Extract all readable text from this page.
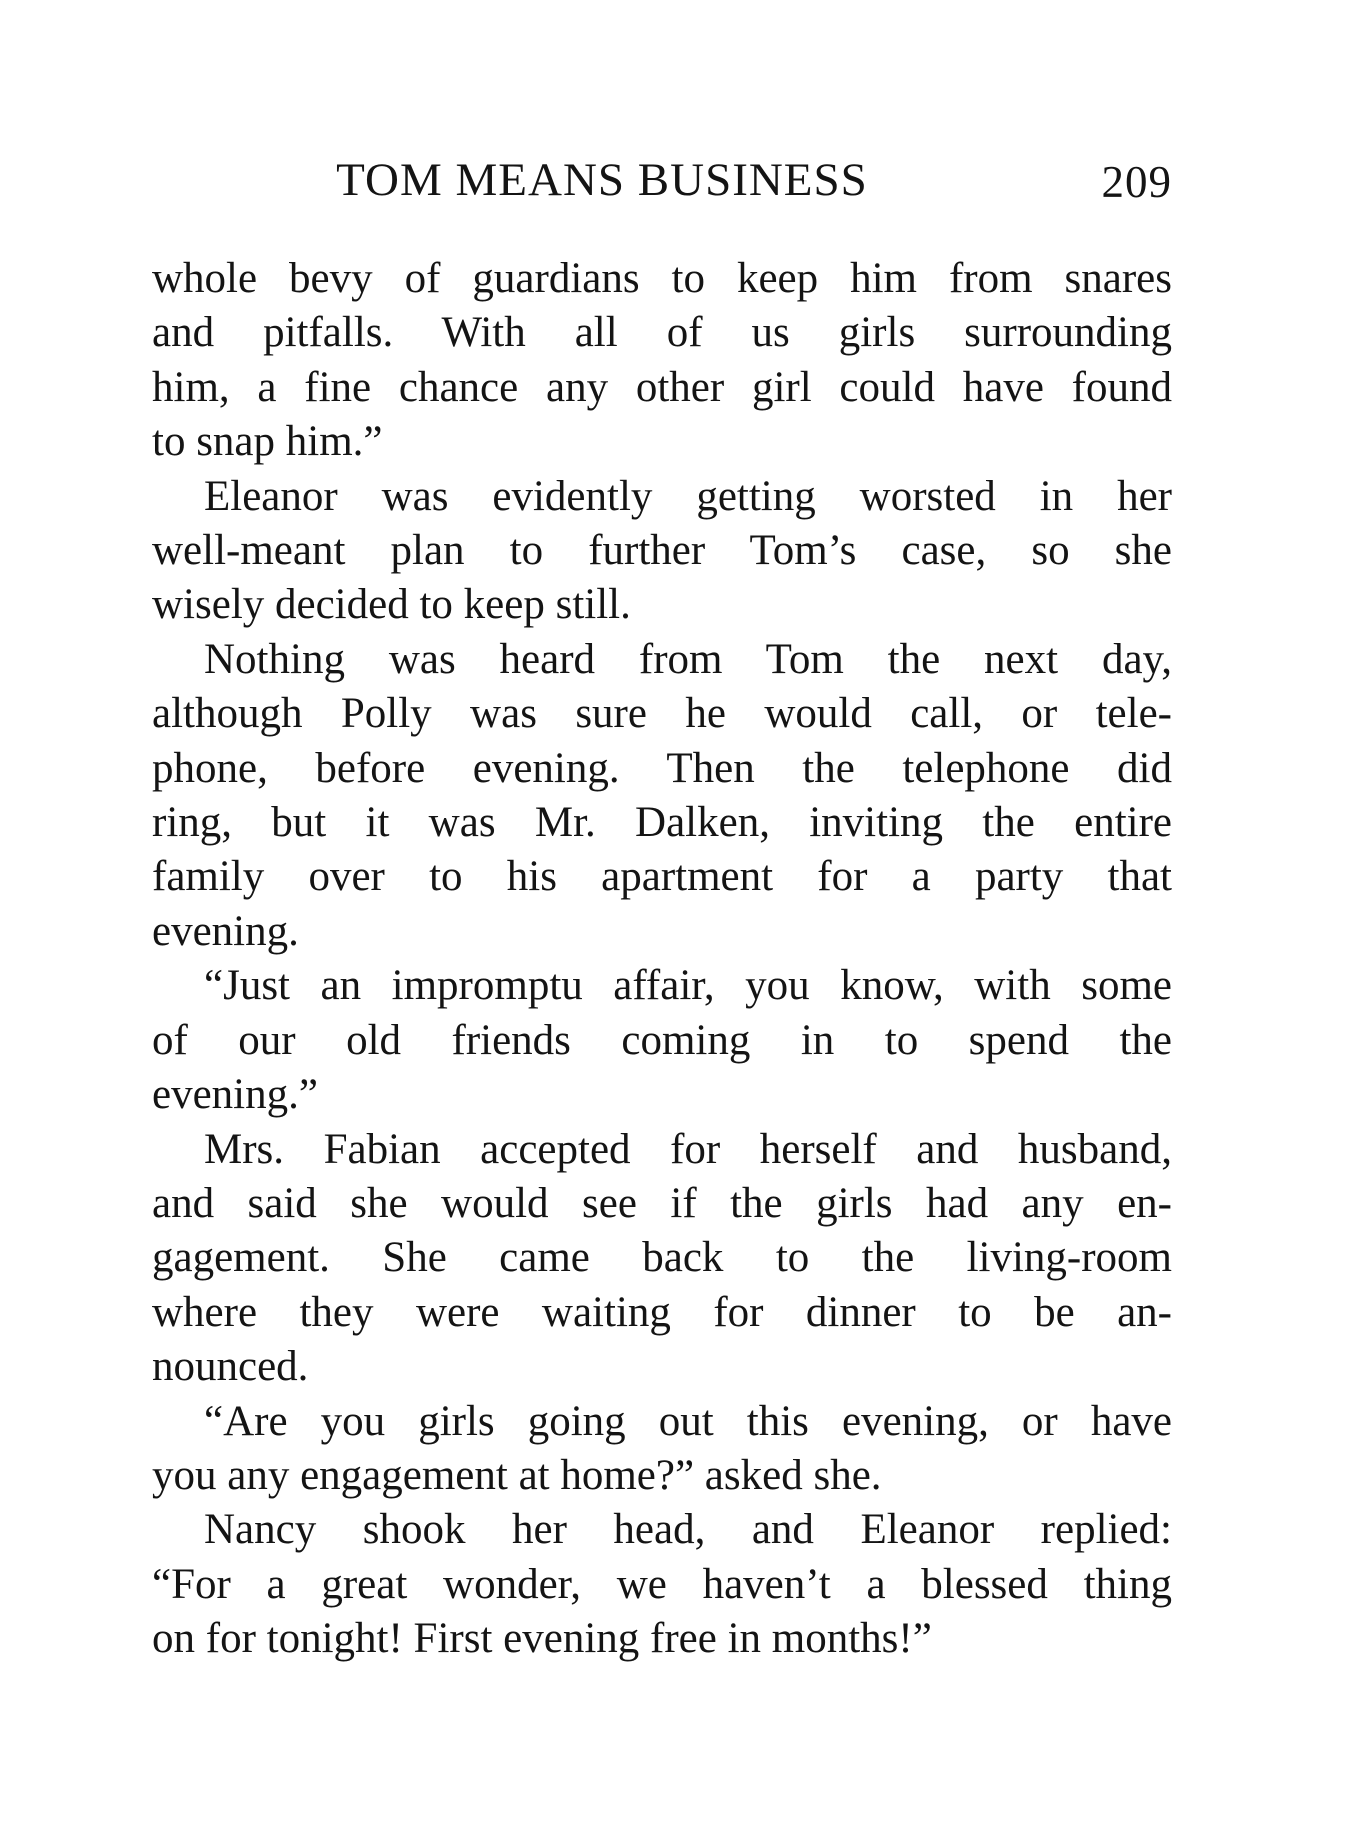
TOM MEANS BUSINESS	209

whole bevy of guardians to keep him from snares
and pitfalls. With all of us girls surrounding
him, a fine chance any other girl could have found
to snap him.”

Eleanor was evidently getting worsted in her
well-meant plan to further Tom’s case, so she
wisely decided to keep still.

Nothing was heard from Tom the next day,
although Polly was sure he would call, or tele-
phone, before evening. Then the telephone did
ring, but it was Mr. Dalken, inviting the entire
family over to his apartment for a party that
evening.

“Just an impromptu affair, you know, with some
of our old friends coming in to spend the
evening.”

Mrs. Fabian accepted for herself and husband,
and said she would see if the girls had any en-
gagement. She came back to the living-room
where they were waiting for dinner to be an-
nounced.

“Are you girls going out this evening, or have
you any engagement at home?” asked she.

Nancy shook her head, and Eleanor replied:
“For a great wonder, we haven’t a blessed thing
on for tonight! First evening free in months!”
